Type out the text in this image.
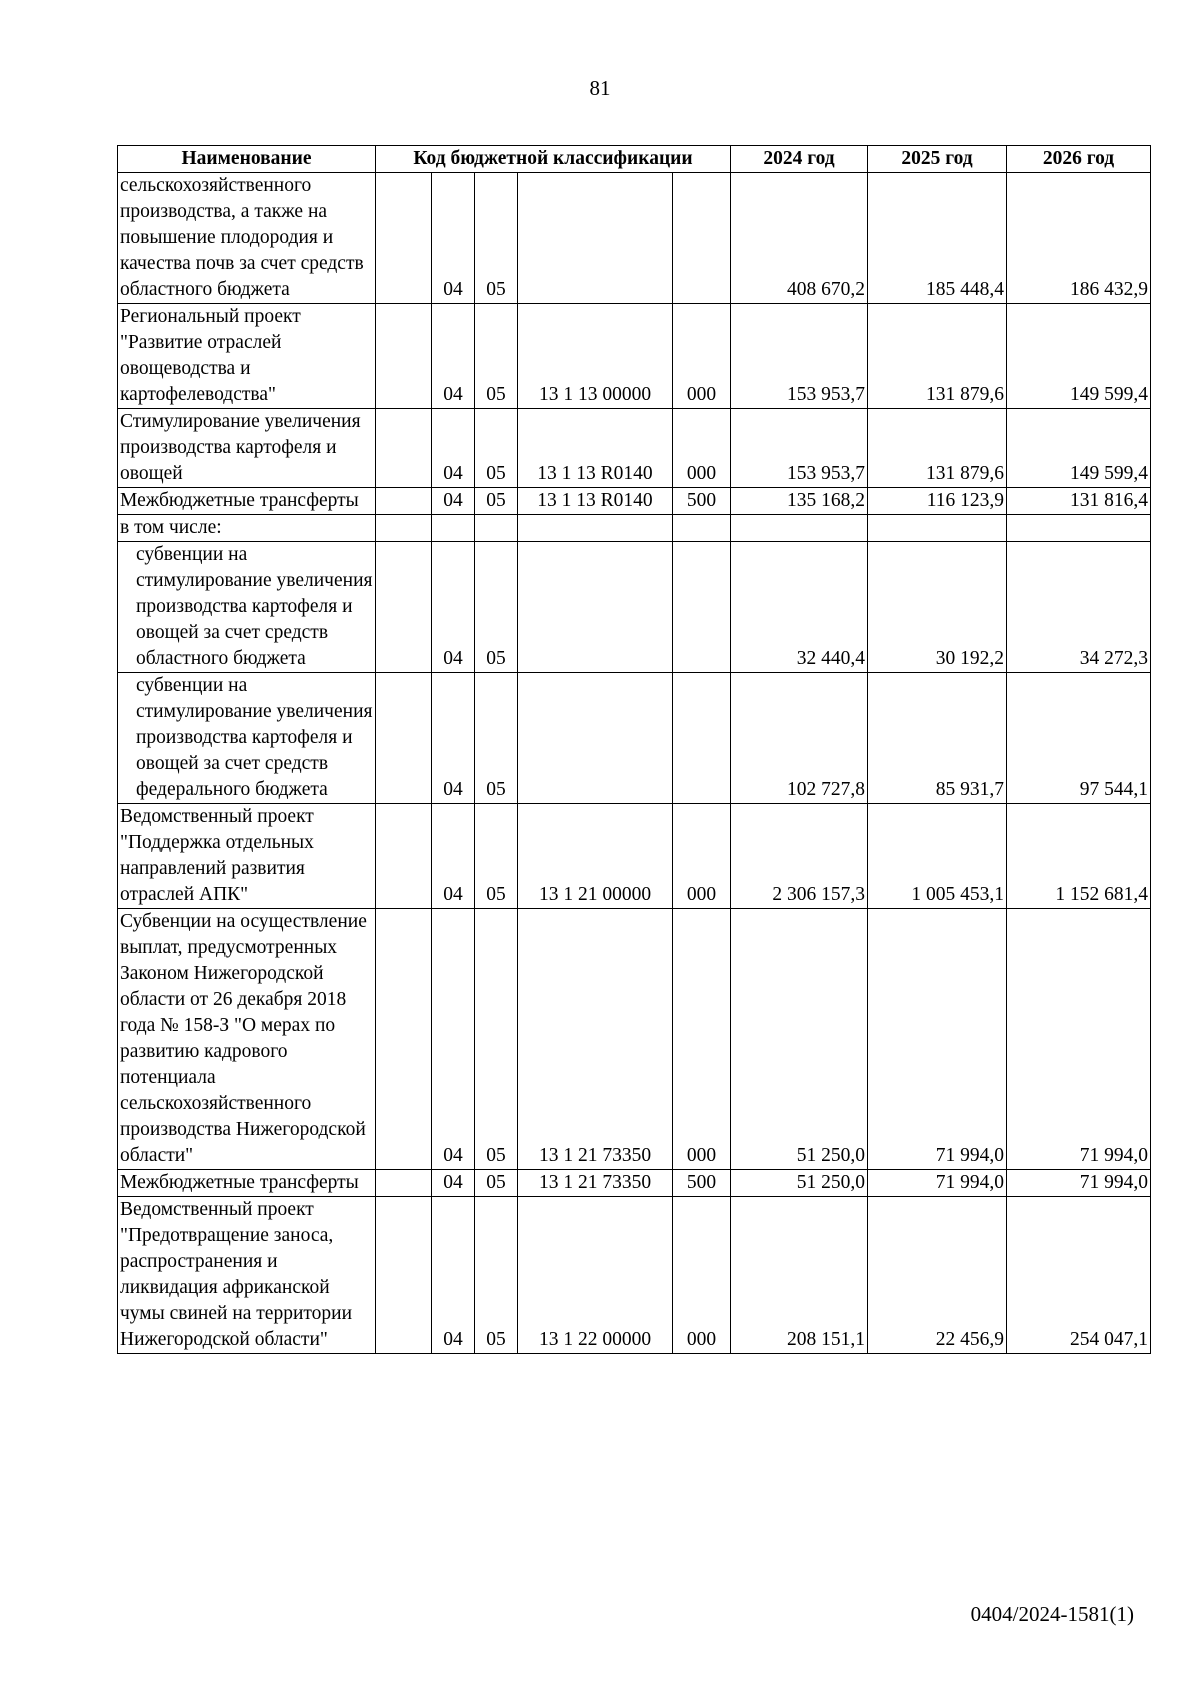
81
Наименование	Код бюджетной классификации					2024 год	2025 год	2026 год
сельскохозяйственного производства, а также на повышение плодородия и качества почв за счет средств областного бюджета		04	05			408 670,2	185 448,4	186 432,9
Региональный проект "Развитие отраслей овощеводства и картофелеводства"		04	05	13 1 13 00000	000	153 953,7	131 879,6	149 599,4
Стимулирование увеличения производства картофеля и овощей		04	05	13 1 13 R0140	000	153 953,7	131 879,6	149 599,4
Межбюджетные трансферты		04	05	13 1 13 R0140	500	135 168,2	116 123,9	131 816,4
в том числе:								
субвенции на стимулирование увеличения производства картофеля и овощей за счет средств областного бюджета		04	05			32 440,4	30 192,2	34 272,3
субвенции на стимулирование увеличения производства картофеля и овощей за счет средств федерального бюджета		04	05			102 727,8	85 931,7	97 544,1
Ведомственный проект "Поддержка отдельных направлений развития отраслей АПК"		04	05	13 1 21 00000	000	2 306 157,3	1 005 453,1	1 152 681,4
Субвенции на осуществление выплат, предусмотренных Законом Нижегородской области от 26 декабря 2018 года № 158-З "О мерах по развитию кадрового потенциала сельскохозяйственного производства Нижегородской области"		04	05	13 1 21 73350	000	51 250,0	71 994,0	71 994,0
Межбюджетные трансферты		04	05	13 1 21 73350	500	51 250,0	71 994,0	71 994,0
Ведомственный проект "Предотвращение заноса, распространения и ликвидация африканской чумы свиней на территории Нижегородской области"		04	05	13 1 22 00000	000	208 151,1	22 456,9	254 047,1
0404/2024-1581(1)
